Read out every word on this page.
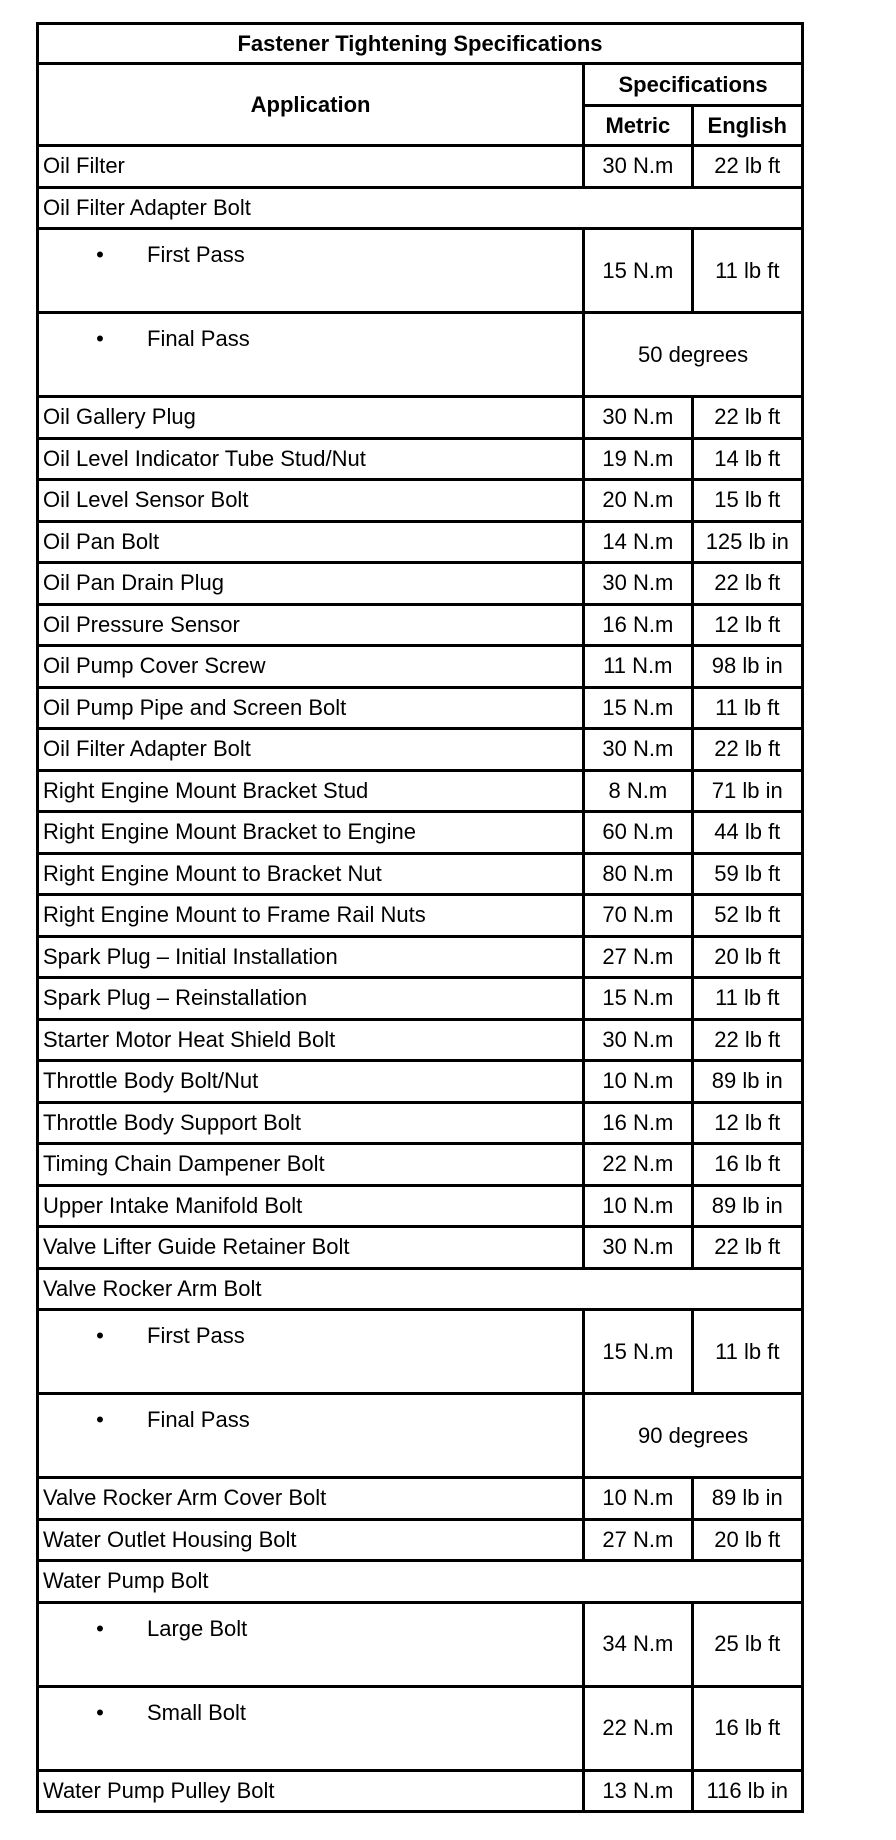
Fastener Tightening Specifications		
Application	Specifications	
	Metric	English
Oil Filter	30 N.m	22 lb ft
Oil Filter Adapter Bolt		
• First Pass	15 N.m	11 lb ft
• Final Pass	50 degrees	
Oil Gallery Plug	30 N.m	22 lb ft
Oil Level Indicator Tube Stud/Nut	19 N.m	14 lb ft
Oil Level Sensor Bolt	20 N.m	15 lb ft
Oil Pan Bolt	14 N.m	125 lb in
Oil Pan Drain Plug	30 N.m	22 lb ft
Oil Pressure Sensor	16 N.m	12 lb ft
Oil Pump Cover Screw	11 N.m	98 lb in
Oil Pump Pipe and Screen Bolt	15 N.m	11 lb ft
Oil Filter Adapter Bolt	30 N.m	22 lb ft
Right Engine Mount Bracket Stud	8 N.m	71 lb in
Right Engine Mount Bracket to Engine	60 N.m	44 lb ft
Right Engine Mount to Bracket Nut	80 N.m	59 lb ft
Right Engine Mount to Frame Rail Nuts	70 N.m	52 lb ft
Spark Plug – Initial Installation	27 N.m	20 lb ft
Spark Plug – Reinstallation	15 N.m	11 lb ft
Starter Motor Heat Shield Bolt	30 N.m	22 lb ft
Throttle Body Bolt/Nut	10 N.m	89 lb in
Throttle Body Support Bolt	16 N.m	12 lb ft
Timing Chain Dampener Bolt	22 N.m	16 lb ft
Upper Intake Manifold Bolt	10 N.m	89 lb in
Valve Lifter Guide Retainer Bolt	30 N.m	22 lb ft
Valve Rocker Arm Bolt		
• First Pass	15 N.m	11 lb ft
• Final Pass	90 degrees	
Valve Rocker Arm Cover Bolt	10 N.m	89 lb in
Water Outlet Housing Bolt	27 N.m	20 lb ft
Water Pump Bolt		
• Large Bolt	34 N.m	25 lb ft
• Small Bolt	22 N.m	16 lb ft
Water Pump Pulley Bolt	13 N.m	116 lb in
